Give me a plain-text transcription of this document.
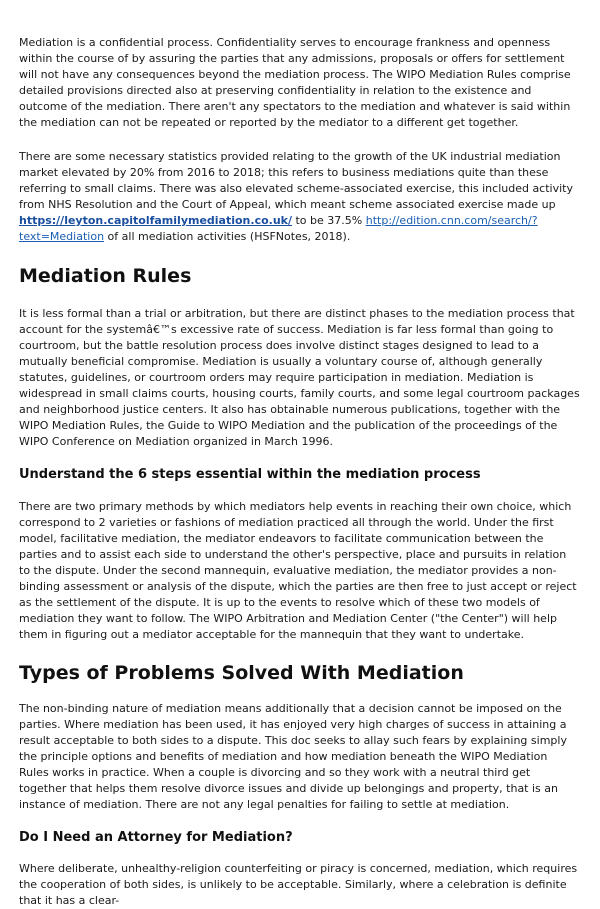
Mediation is a confidential process. Confidentiality serves to encourage frankness and openness within the course of by assuring the parties that any admissions, proposals or offers for settlement will not have any consequences beyond the mediation process. The WIPO Mediation Rules comprise detailed provisions directed also at preserving confidentiality in relation to the existence and outcome of the mediation. There aren't any spectators to the mediation and whatever is said within the mediation can not be repeated or reported by the mediator to a different get together.

There are some necessary statistics provided relating to the growth of the UK industrial mediation market elevated by 20% from 2016 to 2018; this refers to business mediations quite than these referring to small claims. There was also elevated scheme-associated exercise, this included activity from NHS Resolution and the Court of Appeal, which meant scheme associated exercise made up https://leyton.capitolfamilymediation.co.uk/ to be 37.5% http://edition.cnn.com/search/?text=Mediation of all mediation activities (HSFNotes, 2018).

Mediation Rules

It is less formal than a trial or arbitration, but there are distinct phases to the mediation process that account for the systemâ€™s excessive rate of success. Mediation is far less formal than going to courtroom, but the battle resolution process does involve distinct stages designed to lead to a mutually beneficial compromise. Mediation is usually a voluntary course of, although generally statutes, guidelines, or courtroom orders may require participation in mediation. Mediation is widespread in small claims courts, housing courts, family courts, and some legal courtroom packages and neighborhood justice centers. It also has obtainable numerous publications, together with the WIPO Mediation Rules, the Guide to WIPO Mediation and the publication of the proceedings of the WIPO Conference on Mediation organized in March 1996.

Understand the 6 steps essential within the mediation process

There are two primary methods by which mediators help events in reaching their own choice, which correspond to 2 varieties or fashions of mediation practiced all through the world. Under the first model, facilitative mediation, the mediator endeavors to facilitate communication between the parties and to assist each side to understand the other's perspective, place and pursuits in relation to the dispute. Under the second mannequin, evaluative mediation, the mediator provides a non-binding assessment or analysis of the dispute, which the parties are then free to just accept or reject as the settlement of the dispute. It is up to the events to resolve which of these two models of mediation they want to follow. The WIPO Arbitration and Mediation Center ("the Center") will help them in figuring out a mediator acceptable for the mannequin that they want to undertake.

Types of Problems Solved With Mediation

The non-binding nature of mediation means additionally that a decision cannot be imposed on the parties. Where mediation has been used, it has enjoyed very high charges of success in attaining a result acceptable to both sides to a dispute. This doc seeks to allay such fears by explaining simply the principle options and benefits of mediation and how mediation beneath the WIPO Mediation Rules works in practice. When a couple is divorcing and so they work with a neutral third get together that helps them resolve divorce issues and divide up belongings and property, that is an instance of mediation. There are not any legal penalties for failing to settle at mediation.

Do I Need an Attorney for Mediation?

Where deliberate, unhealthy-religion counterfeiting or piracy is concerned, mediation, which requires the cooperation of both sides, is unlikely to be acceptable. Similarly, where a celebration is definite that it has a clear-
